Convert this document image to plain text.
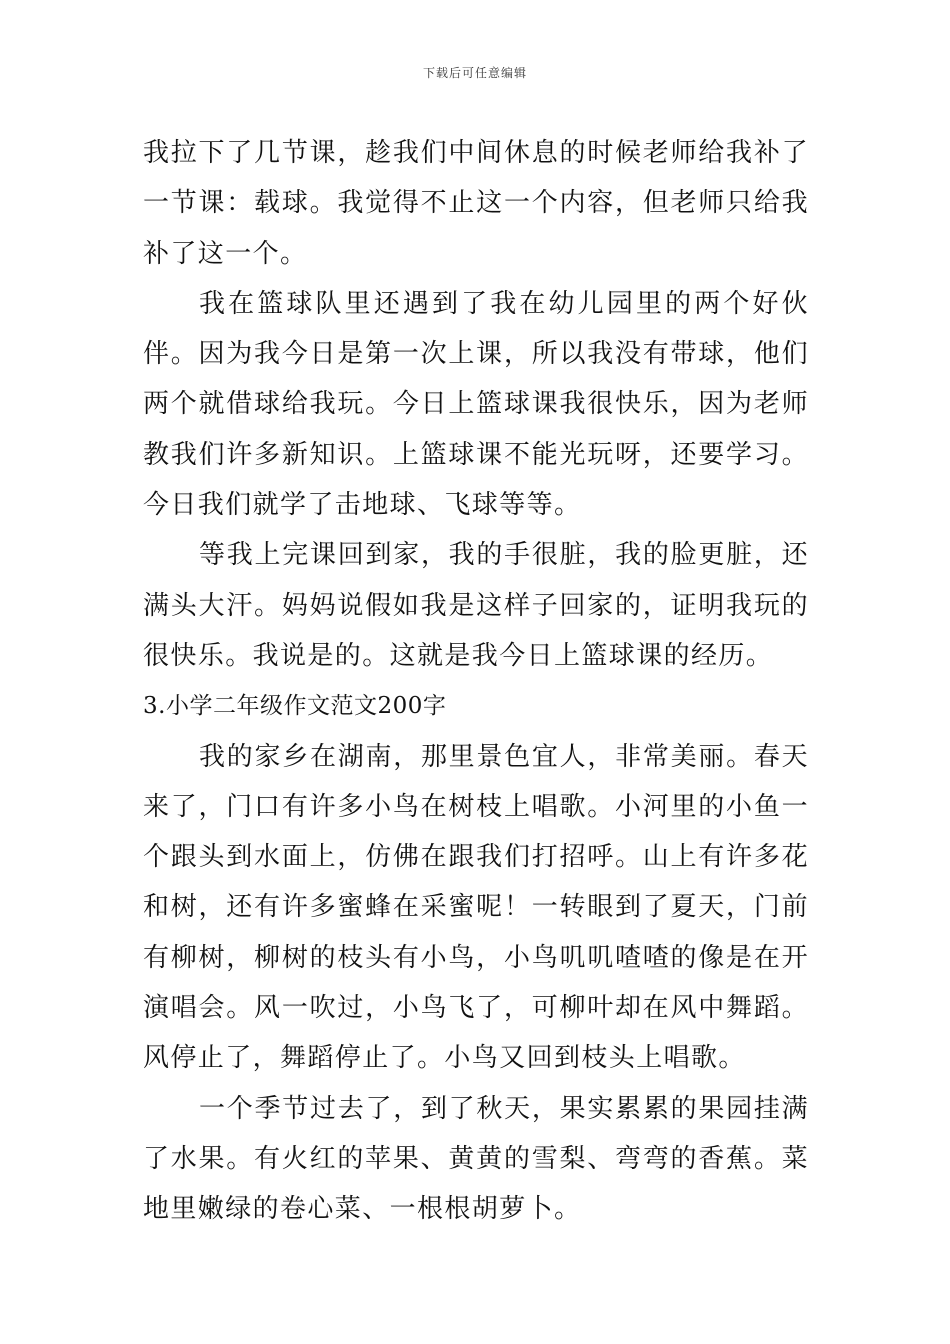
下载后可任意编辑

我拉下了几节课，趁我们中间休息的时候老师给我补了一节课：载球。我觉得不止这一个内容，但老师只给我补了这一个。

我在篮球队里还遇到了我在幼儿园里的两个好伙伴。因为我今日是第一次上课，所以我没有带球，他们两个就借球给我玩。今日上篮球课我很快乐，因为老师教我们许多新知识。上篮球课不能光玩呀，还要学习。今日我们就学了击地球、飞球等等。

等我上完课回到家，我的手很脏，我的脸更脏，还满头大汗。妈妈说假如我是这样子回家的，证明我玩的很快乐。我说是的。这就是我今日上篮球课的经历。

3.小学二年级作文范文200字

我的家乡在湖南，那里景色宜人，非常美丽。春天来了，门口有许多小鸟在树枝上唱歌。小河里的小鱼一个跟头到水面上，仿佛在跟我们打招呼。山上有许多花和树，还有许多蜜蜂在采蜜呢！一转眼到了夏天，门前有柳树，柳树的枝头有小鸟，小鸟叽叽喳喳的像是在开演唱会。风一吹过，小鸟飞了，可柳叶却在风中舞蹈。风停止了，舞蹈停止了。小鸟又回到枝头上唱歌。

一个季节过去了，到了秋天，果实累累的果园挂满了水果。有火红的苹果、黄黄的雪梨、弯弯的香蕉。菜地里嫩绿的卷心菜、一根根胡萝卜。
